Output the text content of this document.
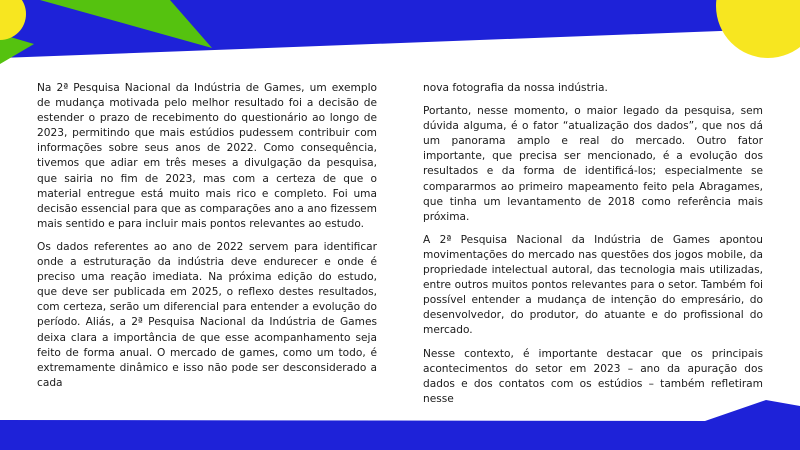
Na 2ª Pesquisa Nacional da Indústria de Games, um exemplo de mudança motivada pelo melhor resultado foi a decisão de estender o prazo de recebimento do questionário ao longo de 2023, permitindo que mais estúdios pudessem contribuir com informações sobre seus anos de 2022. Como consequência, tivemos que adiar em três meses a divulgação da pesquisa, que sairia no fim de 2023, mas com a certeza de que o material entregue está muito mais rico e completo. Foi uma decisão essencial para que as comparações ano a ano fizessem mais sentido e para incluir mais pontos relevantes ao estudo.

Os dados referentes ao ano de 2022 servem para identificar onde a estruturação da indústria deve endurecer e onde é preciso uma reação imediata. Na próxima edição do estudo, que deve ser publicada em 2025, o reflexo destes resultados, com certeza, serão um diferencial para entender a evolução do período. Aliás, a 2ª Pesquisa Nacional da Indústria de Games deixa clara a importância de que esse acompanhamento seja feito de forma anual. O mercado de games, como um todo, é extremamente dinâmico e isso não pode ser desconsiderado a cada

nova fotografia da nossa indústria.

Portanto, nesse momento, o maior legado da pesquisa, sem dúvida alguma, é o fator “atualização dos dados”, que nos dá um panorama amplo e real do mercado. Outro fator importante, que precisa ser mencionado, é a evolução dos resultados e da forma de identificá-los; especialmente se compararmos ao primeiro mapeamento feito pela Abragames, que tinha um levantamento de 2018 como referência mais próxima.

A 2ª Pesquisa Nacional da Indústria de Games apontou movimentações do mercado nas questões dos jogos mobile, da propriedade intelectual autoral, das tecnologia mais utilizadas, entre outros muitos pontos relevantes para o setor. Também foi possível entender a mudança de intenção do empresário, do desenvolvedor, do produtor, do atuante e do profissional do mercado.

Nesse contexto, é importante destacar que os principais acontecimentos do setor em 2023 – ano da apuração dos dados e dos contatos com os estúdios – também refletiram nesse
